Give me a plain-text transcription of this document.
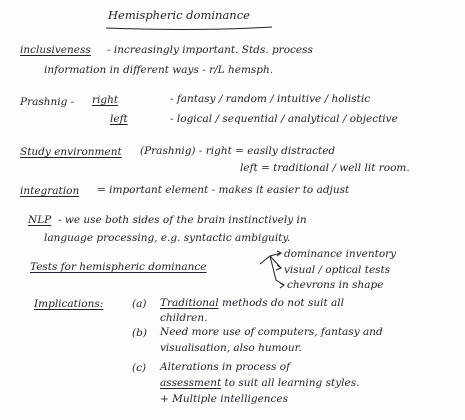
Hemispheric dominance
inclusiveness - increasingly important. Stds. process
information in different ways - r/L hemsph.
Prashnig - right	- fantasy / random / intuitive / holistic
left	- logical / sequential / analytical / objective
Study environment (Prashnig) - right = easily distracted
left = traditional / well lit room.
integration = important element - makes it easier to adjust
NLP - we use both sides of the brain instinctively in
language processing, e.g. syntactic ambiguity.
Tests for hemispheric dominance
dominance inventory
visual / optical tests
chevrons in shape
Implications:	(a) Traditional methods do not suit all
children.
(b) Need more use of computers, fantasy and
visualisation, also humour.
(c) Alterations in process of
assessment to suit all learning styles.
+ Multiple intelligences
